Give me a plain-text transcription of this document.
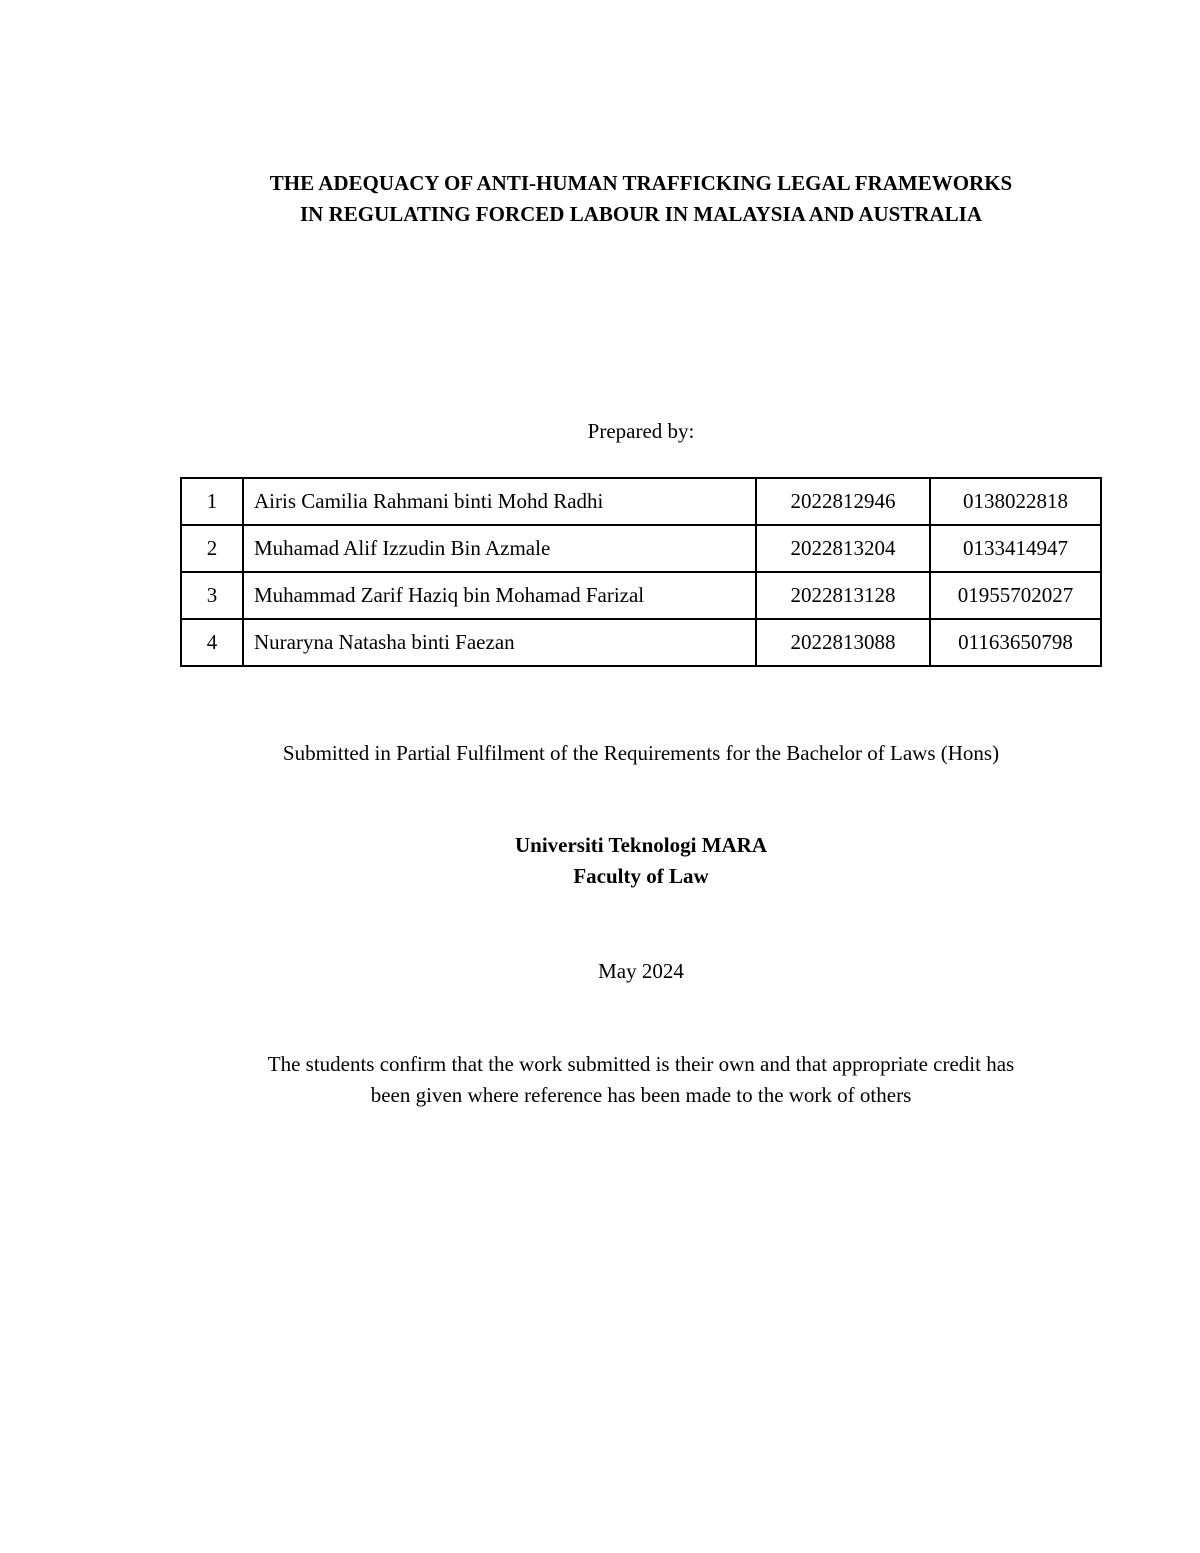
THE ADEQUACY OF ANTI-HUMAN TRAFFICKING LEGAL FRAMEWORKS
IN REGULATING FORCED LABOUR IN MALAYSIA AND AUSTRALIA
Prepared by:
1	Airis Camilia Rahmani binti Mohd Radhi	2022812946	0138022818
2	Muhamad Alif Izzudin Bin Azmale	2022813204	0133414947
3	Muhammad Zarif Haziq bin Mohamad Farizal	2022813128	01955702027
4	Nuraryna Natasha binti Faezan	2022813088	01163650798
Submitted in Partial Fulfilment of the Requirements for the Bachelor of Laws (Hons)
Universiti Teknologi MARA
Faculty of Law
May 2024
The students confirm that the work submitted is their own and that appropriate credit has
been given where reference has been made to the work of others
